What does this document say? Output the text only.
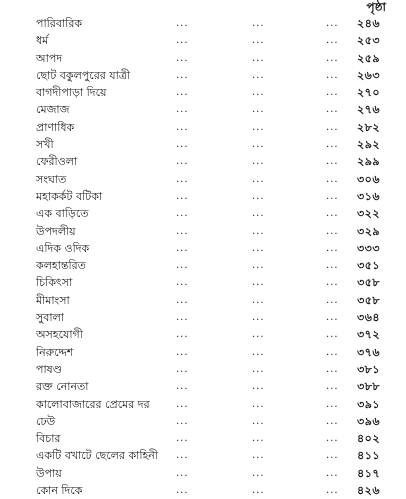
পৃষ্ঠা
পারিবারিক	...	...	... ২৪৬
ধর্ম	...	...	... ২৫৩
আপদ	...	...	... ২৫৯
ছোট বকুলপুরের যাত্রী	...	...	... ২৬৩
বাগদীপাড়া দিয়ে	...	...	... ২৭০
মেজাজ	...	...	... ২৭৬
প্রাণাধিক	...	...	... ২৮২
সখী	...	...	... ২৯২
ফেরীওলা	...	...	... ২৯৯
সংঘাত	...	...	... ৩০৬
মহাকর্কট বটিকা	...	...	... ৩১৬
এক বাড়িতে	...	...	... ৩২২
উপদলীয়	...	...	... ৩২৯
এদিক ওদিক	...	...	... ৩৩৩
কলহান্তরিত	...	...	... ৩৫১
চিকিৎসা	...	...	... ৩৫৮
মীমাংসা	...	...	... ৩৫৮
সুবালা	...	...	... ৩৬৪
অসহযোগী	...	...	... ৩৭২
নিরুদ্দেশ	...	...	... ৩৭৬
পাষণ্ড	...	...	... ৩৮১
রক্ত নোনতা	...	...	... ৩৮৮
কালোবাজারের প্রেমের দর	...	...	... ৩৯১
ঢেউ	...	...	... ৩৯৬
বিচার	...	...	... ৪০২
একটি বখাটে ছেলের কাহিনী ...	...	... ৪১১
উপায়	...	...	... ৪১৭
কোন দিকে	...	...	... ৪২৬
